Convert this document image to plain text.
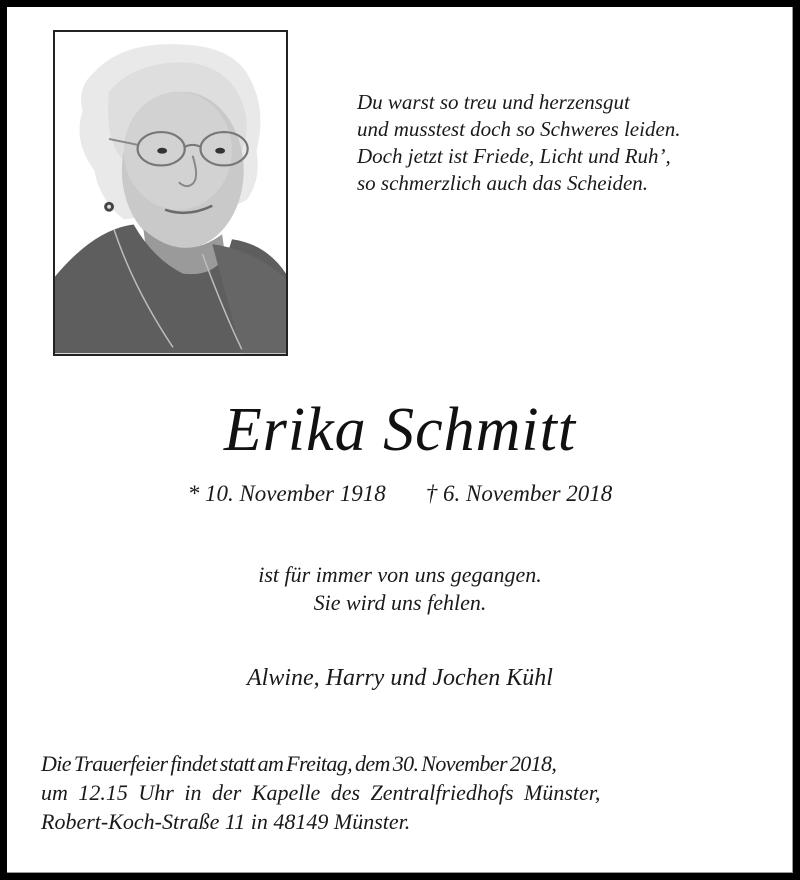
Du warst so treu und herzensgut
und musstest doch so Schweres leiden.
Doch jetzt ist Friede, Licht und Ruh’,
so schmerzlich auch das Scheiden.
Erika Schmitt
* 10. November 1918 † 6. November 2018
ist für immer von uns gegangen.
Sie wird uns fehlen.
Alwine, Harry und Jochen Kühl
Die Trauerfeier findet statt am Freitag, dem 30. November 2018,
um 12.15 Uhr in der Kapelle des Zentralfriedhofs Münster,
Robert-Koch-Straße 11 in 48149 Münster.
